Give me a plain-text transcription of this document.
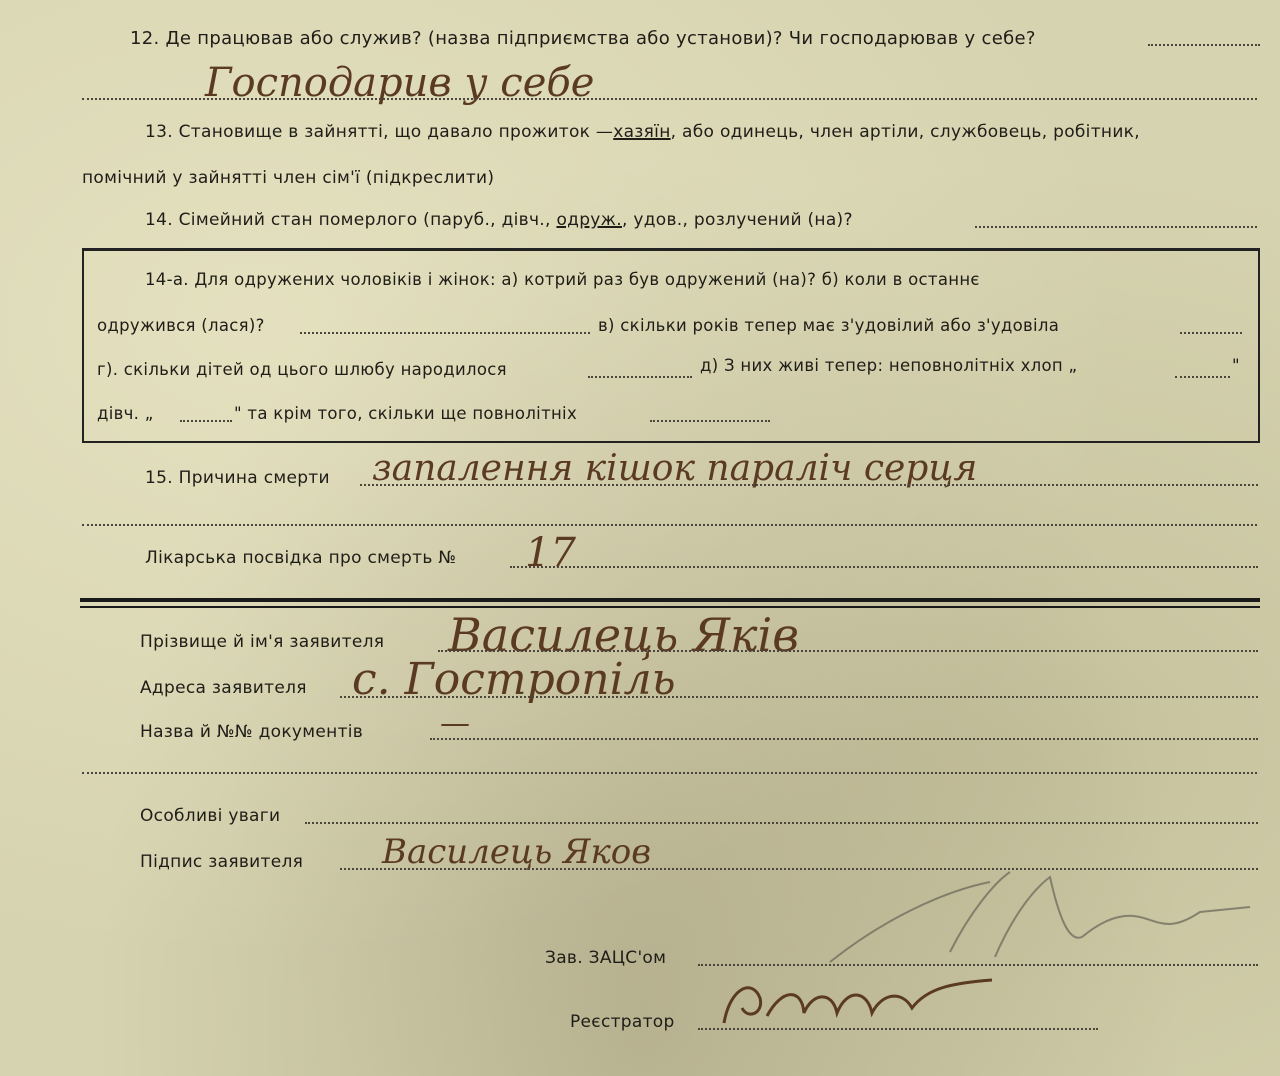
12. Де працював або служив? (назва підприємства або установи)? Чи господарював у себе?
Господарив у себе
13. Становище в зайнятті, що давало прожиток —хазяїн, або одинець, член артіли, службовець, робітник,
помічний у зайнятті член сім'ї (підкреслити)
14. Сімейний стан померлого (паруб., дівч., одруж., удов., розлучений (на)?
14-а. Для одружених чоловіків і жінок: а) котрий раз був одружений (на)? б) коли в останнє
одружився (лася)?	в) скільки років тепер має з'удовілий або з'удовіла
г). скільки дітей од цього шлюбу народилося	д) З них живі тепер: неповнолітніх хлоп „	"
дівч. „	" та крім того, скільки ще повнолітніх
15. Причина смерти запалення кішок параліч серця
Лікарська посвідка про смерть № 17
Прізвище й ім'я заявителя Василець Яків
Адреса заявителя с. Гостропіль
Назва й №№ документів	—
Особливі уваги
Підпис заявителя Василець Яков
Зав. ЗАЦС'ом
Реєстратор
